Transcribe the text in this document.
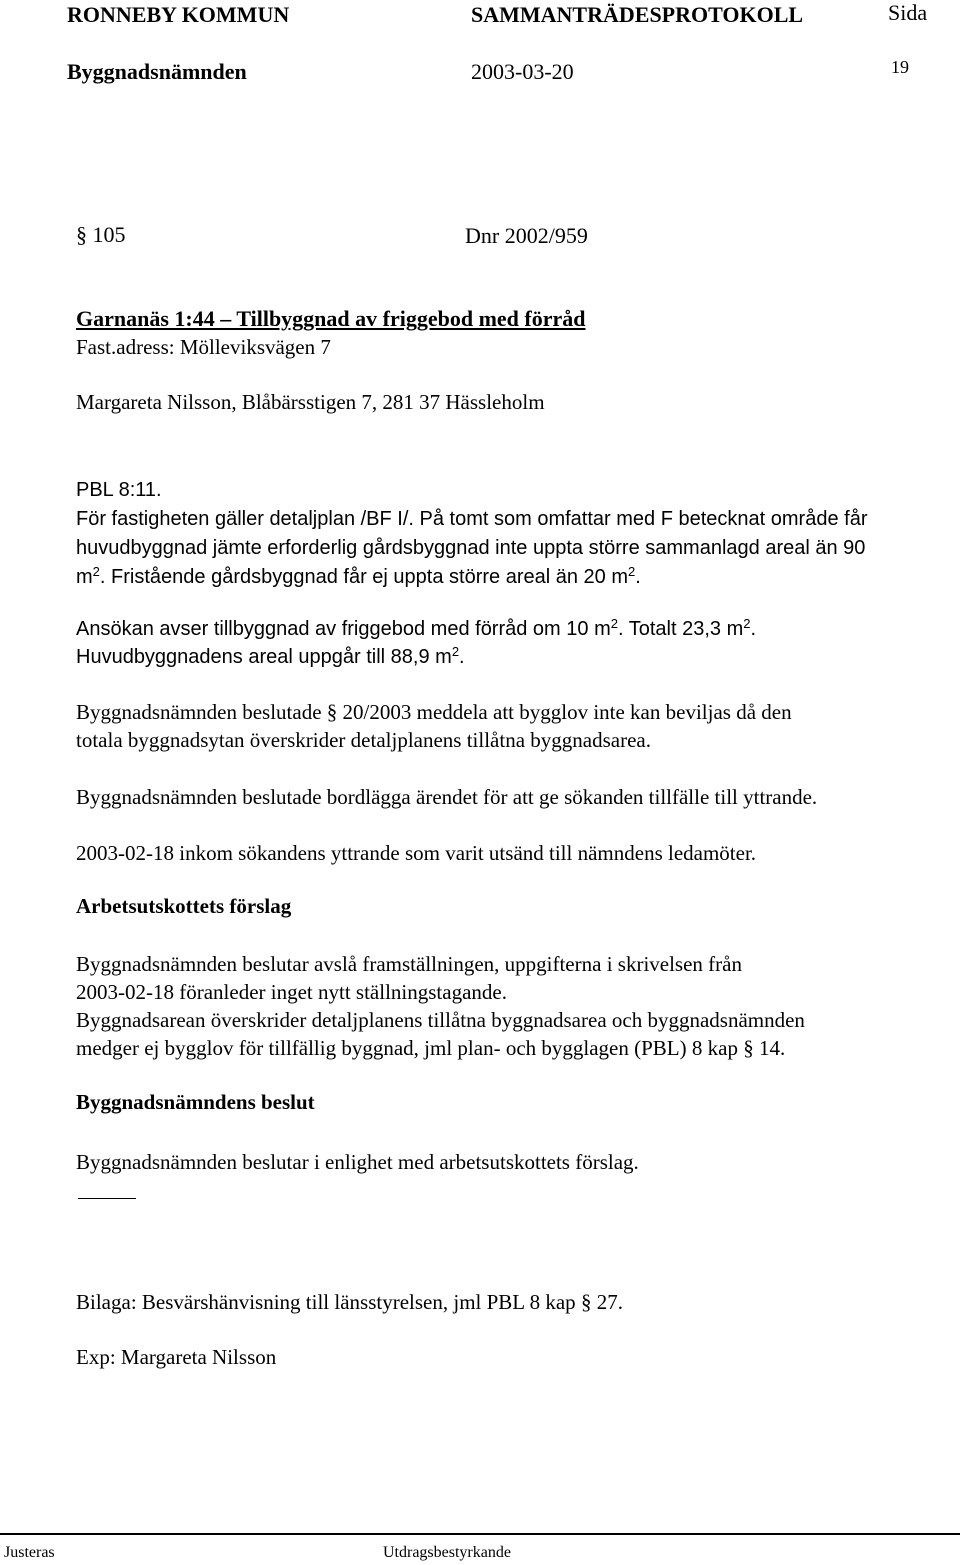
RONNEBY KOMMUN	SAMMANTRÄDESPROTOKOLL	Sida
Byggnadsnämnden	2003-03-20	19
§ 105	Dnr 2002/959
Garnanäs 1:44 – Tillbyggnad av friggebod med förråd
Fast.adress: Mölleviksvägen 7
Margareta Nilsson, Blåbärsstigen 7, 281 37 Hässleholm
PBL 8:11.
För fastigheten gäller detaljplan /BF I/. På tomt som omfattar med F betecknat område får
huvudbyggnad jämte erforderlig gårdsbyggnad inte uppta större sammanlagd areal än 90
$m^2$. Fristående gårdsbyggnad får ej uppta större areal än 20 $m^2$.
Ansökan avser tillbyggnad av friggebod med förråd om 10 $m^2$. Totalt 23,3 $m^2$.
Huvudbyggnadens areal uppgår till 88,9 $m^2$.
Byggnadsnämnden beslutade § 20/2003 meddela att bygglov inte kan beviljas då den
totala byggnadsytan överskrider detaljplanens tillåtna byggnadsarea.
Byggnadsnämnden beslutade bordlägga ärendet för att ge sökanden tillfälle till yttrande.
2003-02-18 inkom sökandens yttrande som varit utsänd till nämndens ledamöter.
Arbetsutskottets förslag
Byggnadsnämnden beslutar avslå framställningen, uppgifterna i skrivelsen från
2003-02-18 föranleder inget nytt ställningstagande.
Byggnadsarean överskrider detaljplanens tillåtna byggnadsarea och byggnadsnämnden
medger ej bygglov för tillfällig byggnad, jml plan- och bygglagen (PBL) 8 kap § 14.
Byggnadsnämndens beslut
Byggnadsnämnden beslutar i enlighet med arbetsutskottets förslag.
Bilaga: Besvärshänvisning till länsstyrelsen, jml PBL 8 kap § 27.
Exp: Margareta Nilsson
Justeras	Utdragsbestyrkande
